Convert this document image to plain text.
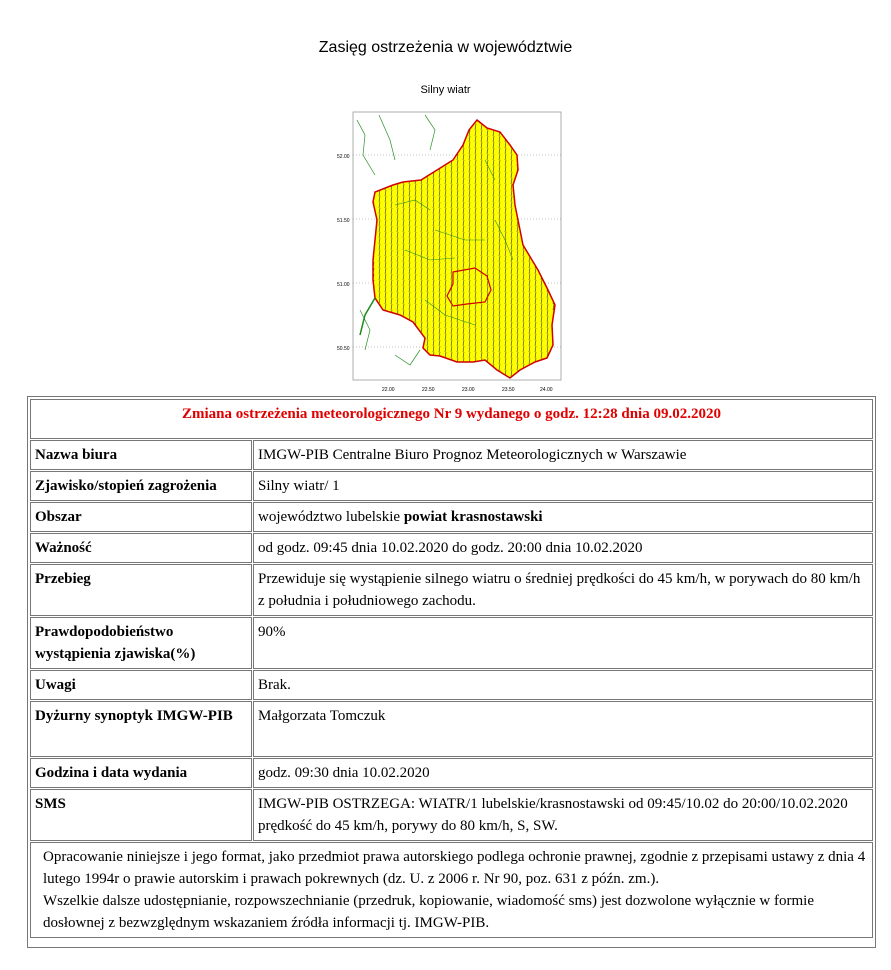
Zasięg ostrzeżenia w województwie
Silny wiatr
52.00
51.50
51.00
50.50
22.00	22.50	23.00	23.50	24.00
Zmiana ostrzeżenia meteorologicznego Nr 9 wydanego o godz. 12:28 dnia 09.02.2020	
Nazwa biura	IMGW-PIB Centralne Biuro Prognoz Meteorologicznych w Warszawie
Zjawisko/stopień zagrożenia	Silny wiatr/ 1
Obszar	województwo lubelskie powiat krasnostawski
Ważność	od godz. 09:45 dnia 10.02.2020 do godz. 20:00 dnia 10.02.2020
Przebieg	Przewiduje się wystąpienie silnego wiatru o średniej prędkości do 45 km/h, w porywach do 80 km/h z południa i południowego zachodu.
Prawdopodobieństwo wystąpienia zjawiska(%)	90%
Uwagi	Brak.
Dyżurny synoptyk IMGW-PIB	Małgorzata Tomczuk
Godzina i data wydania	godz. 09:30 dnia 10.02.2020
SMS	IMGW-PIB OSTRZEGA: WIATR/1 lubelskie/krasnostawski od 09:45/10.02 do 20:00/10.02.2020 prędkość do 45 km/h, porywy do 80 km/h, S, SW.

Opracowanie niniejsze i jego format, jako przedmiot prawa autorskiego podlega ochronie prawnej, zgodnie z przepisami ustawy z dnia 4 lutego 1994r o prawie autorskim i prawach pokrewnych (dz. U. z 2006 r. Nr 90, poz. 631 z późn. zm.).
Wszelkie dalsze udostępnianie, rozpowszechnianie (przedruk, kopiowanie, wiadomość sms) jest dozwolone wyłącznie w formie dosłownej z bezwzględnym wskazaniem źródła informacji tj. IMGW-PIB.	
